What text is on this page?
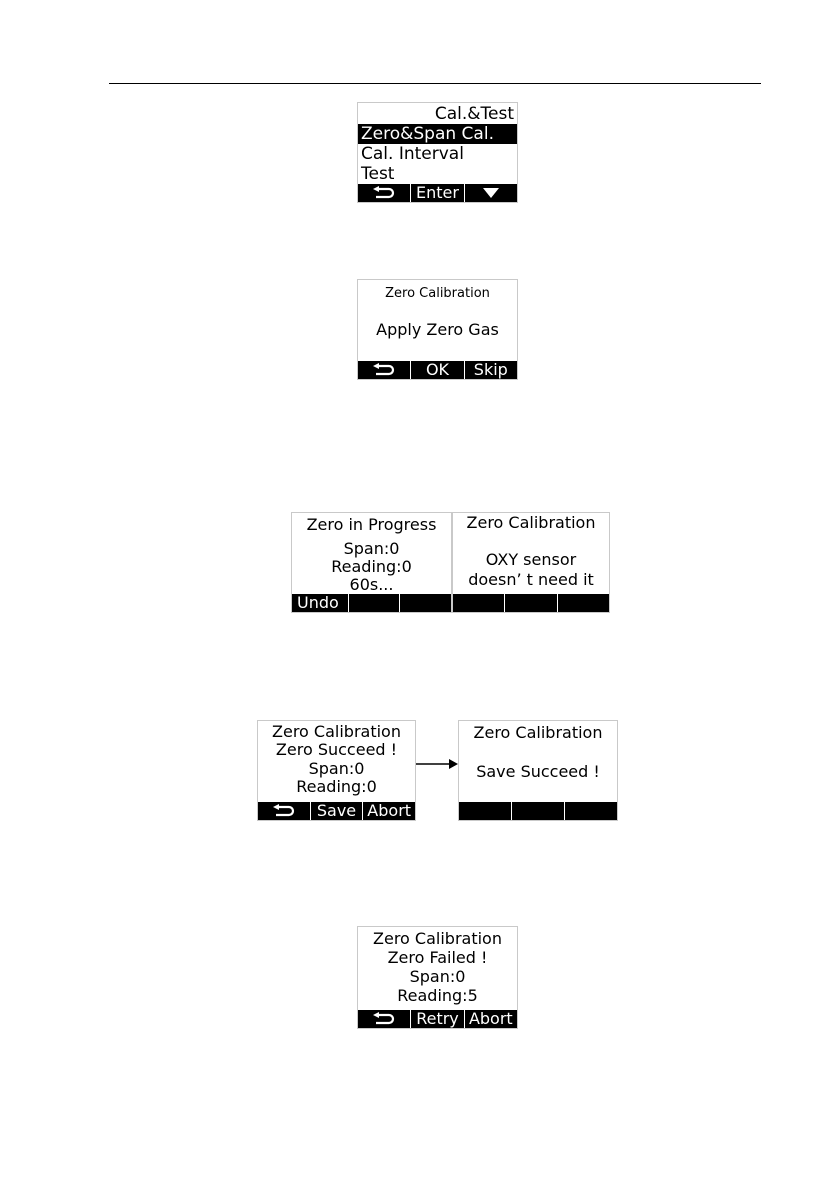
Cal.&Test
Zero&Span Cal.
Cal. Interval
Test
Enter
Zero Calibration
Apply Zero Gas
OK	Skip
Zero in Progress
Span:0
Reading:0
60s...
Undo
Zero Calibration
OXY sensor
doesn’ t need it
Zero Calibration
Zero Succeed !
Span:0
Reading:0
Save Abort
Zero Calibration
Save Succeed !
Zero Calibration
Zero Failed !
Span:0
Reading:5
Retry Abort
